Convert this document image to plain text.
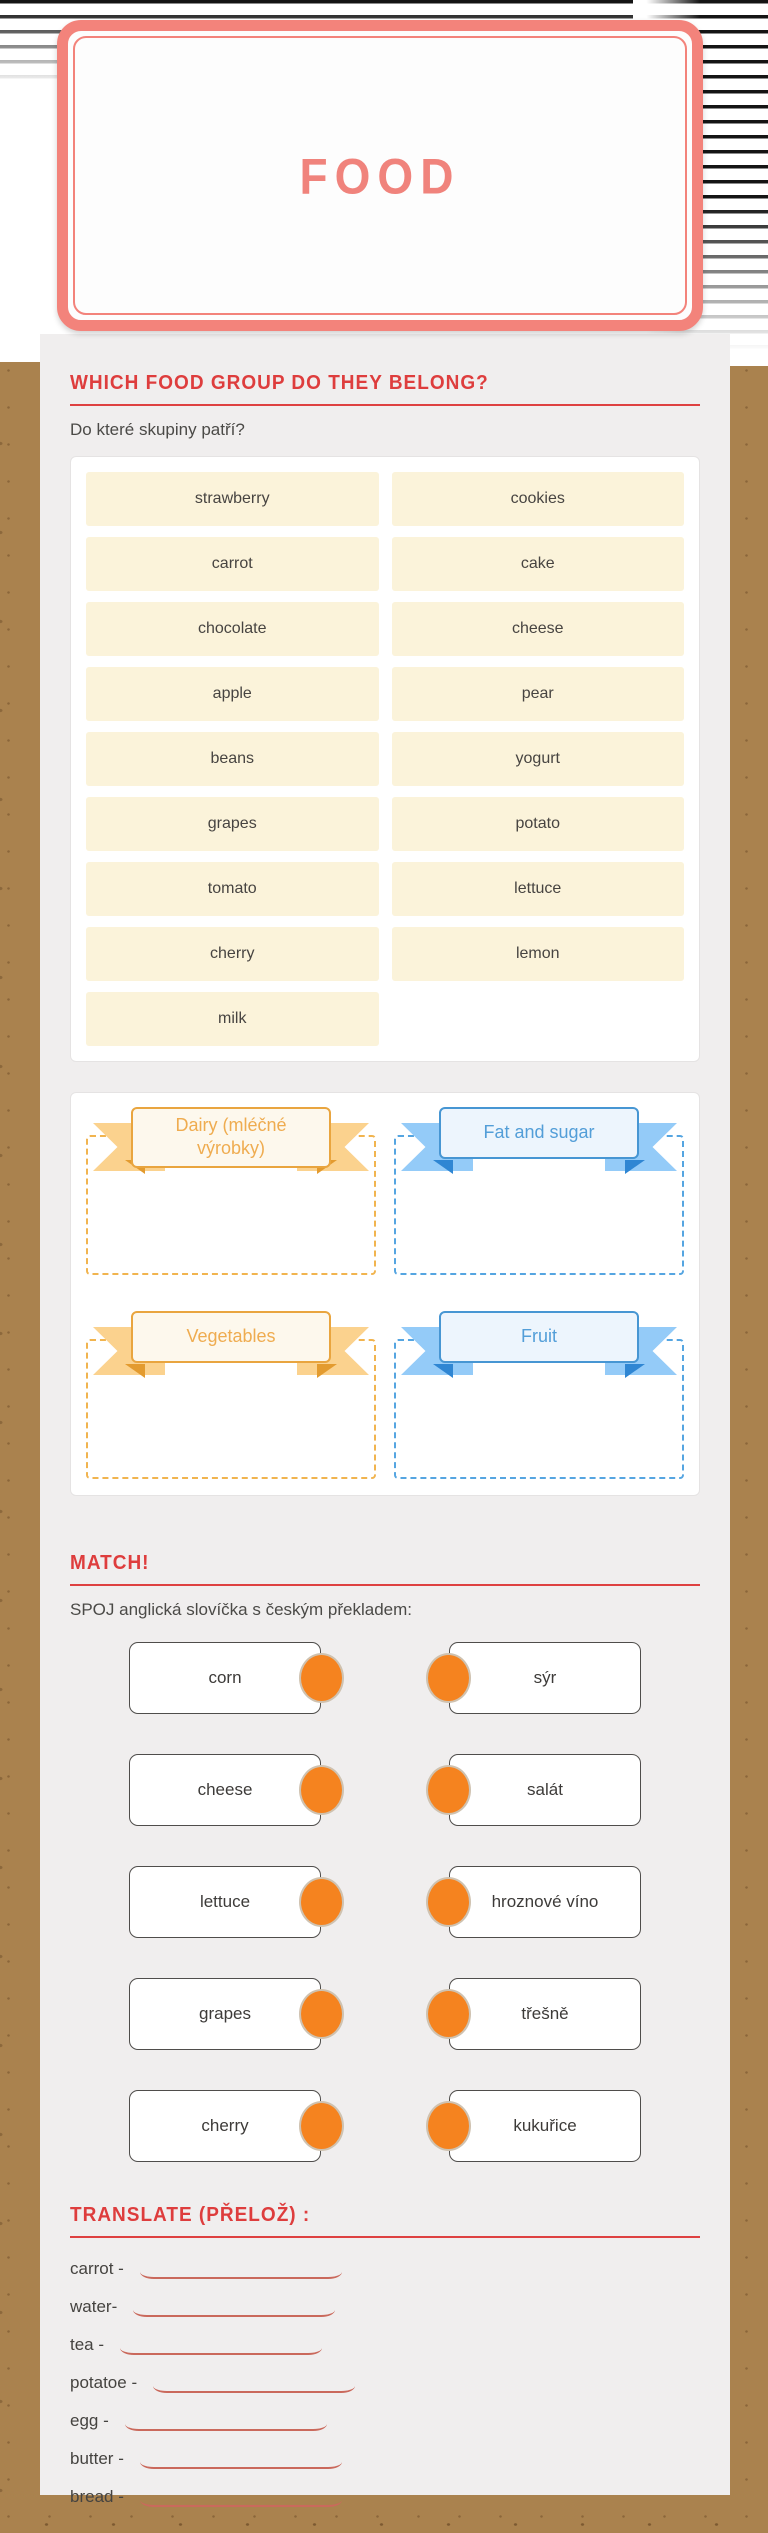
FOOD
WHICH FOOD GROUP DO THEY BELONG?

Do které skupiny patří?

strawberry	cookies
carrot	cake
chocolate	cheese
apple	pear
beans	yogurt
grapes	potato
tomato	lettuce
cherry	lemon
milk
Dairy (mléčné výrobky)
Fat and sugar
Vegetables	Fruit
MATCH!

SPOJ anglická slovíčka s českým překladem:

corn	sýr
cheese	salát
lettuce	hroznové víno
grapes	třešně
cherry	kukuřice
TRANSLATE (PŘELOŽ) :
carrot -
water-
tea -
potatoe -
egg -
butter -
bread -
